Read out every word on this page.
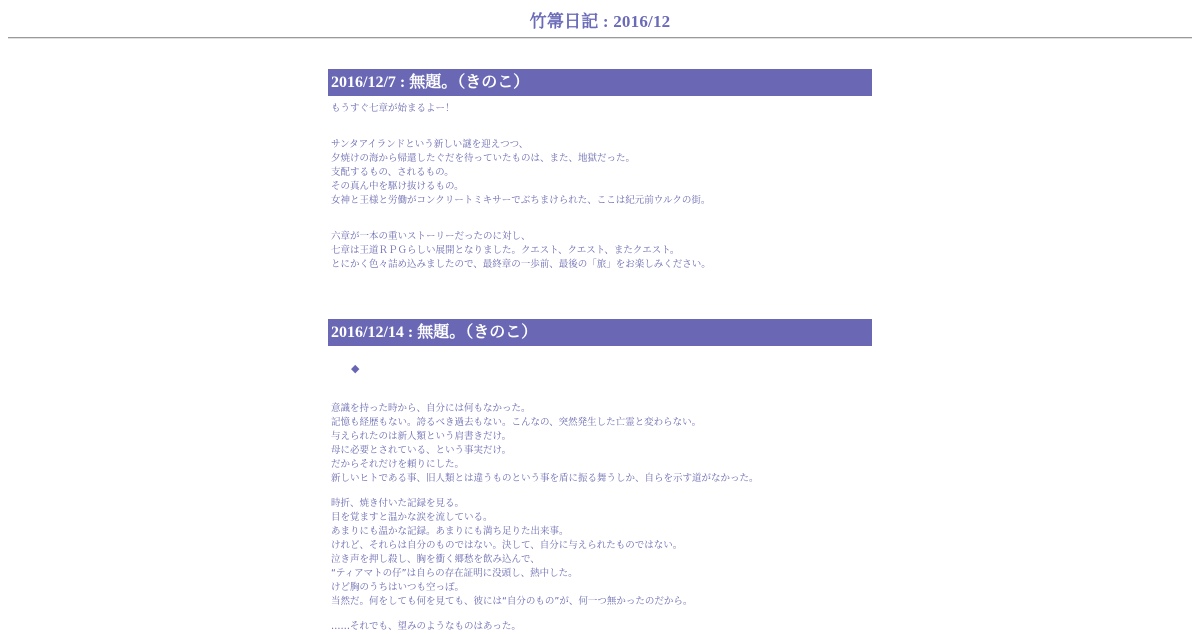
竹箒日記 : 2016/12
2016/12/7 : 無題。（きのこ）

もうすぐ七章が始まるよー！

サンタアイランドという新しい謎を迎えつつ、
夕焼けの海から帰還したぐだを待っていたものは、また、地獄だった。
支配するもの、されるもの。
その真ん中を駆け抜けるもの。
女神と王様と労働がコンクリートミキサーでぶちまけられた、ここは紀元前ウルクの街。

六章が一本の重いストーリーだったのに対し、
七章は王道ＲＰＧらしい展開となりました。クエスト、クエスト、またクエスト。
とにかく色々詰め込みましたので、最終章の一歩前、最後の「旅」をお楽しみください。

2016/12/14 : 無題。（きのこ）
◆

意識を持った時から、自分には何もなかった。
記憶も経歴もない。誇るべき過去もない。こんなの、突然発生した亡霊と変わらない。
与えられたのは新人類という肩書きだけ。
母に必要とされている、という事実だけ。
だからそれだけを頼りにした。
新しいヒトである事、旧人類とは違うものという事を盾に振る舞うしか、自らを示す道がなかった。

時折、焼き付いた記録を見る。
目を覚ますと温かな涙を流している。
あまりにも温かな記録。あまりにも満ち足りた出来事。
けれど、それらは自分のものではない。決して、自分に与えられたものではない。
泣き声を押し殺し、胸を衝く郷愁を飲み込んで、
“ティアマトの仔”は自らの存在証明に没頭し、熱中した。
けど胸のうちはいつも空っぽ。
当然だ。何をしても何を見ても、彼には“自分のもの”が、何一つ無かったのだから。

……それでも、望みのようなものはあった。
